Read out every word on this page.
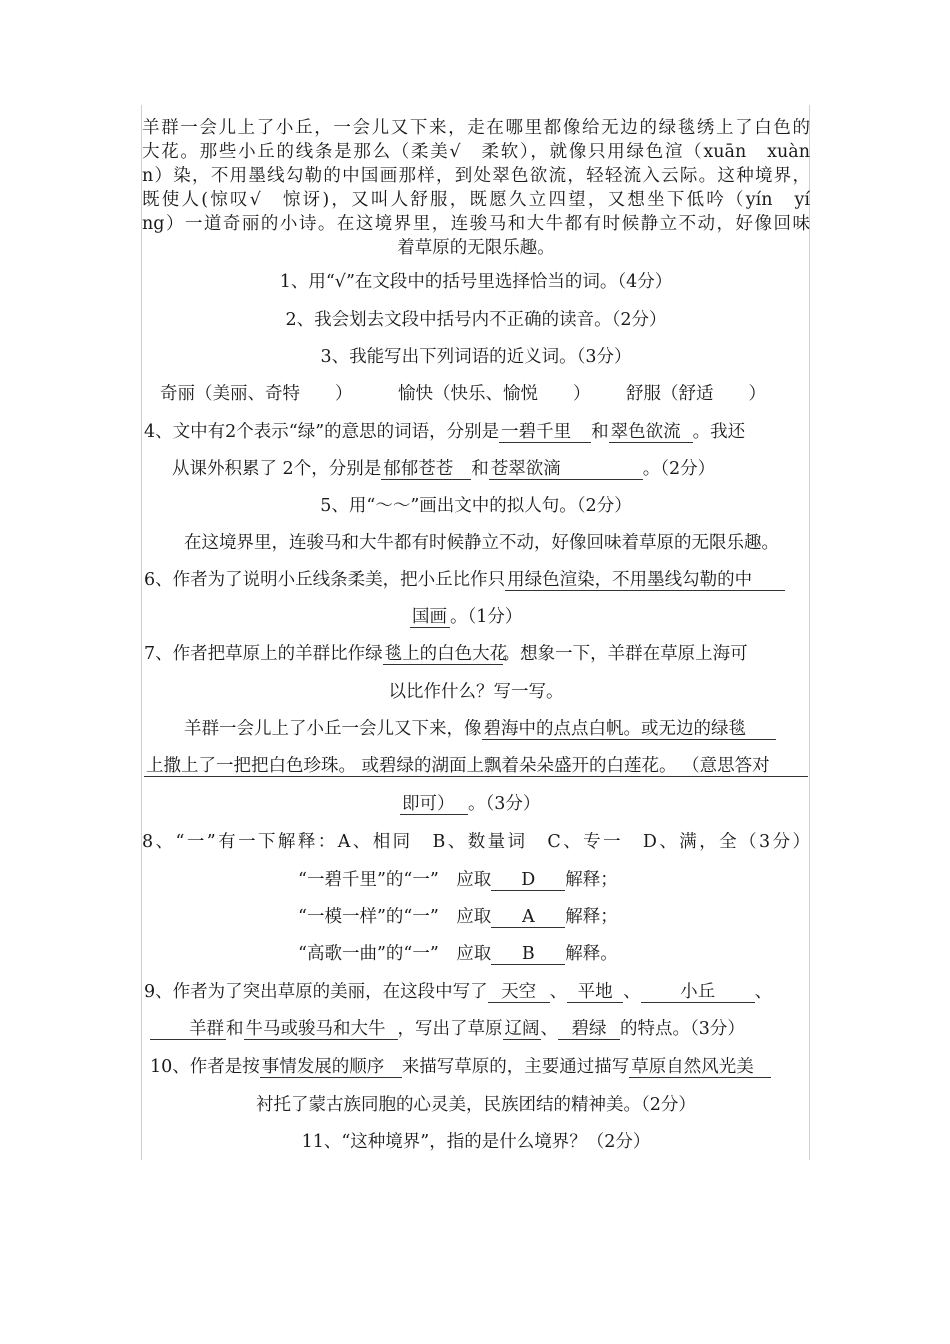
羊群一会儿上了小丘，一会儿又下来，走在哪里都像给无边的绿毯绣上了白色的
大花。那些小丘的线条是那么（柔美√　柔软），就像只用绿色渲（xuān　xuàn
n）染，不用墨线勾勒的中国画那样，到处翠色欲流，轻轻流入云际。这种境界，
既使人(惊叹√　惊讶)，又叫人舒服，既愿久立四望，又想坐下低吟（yín　yí
ng）一道奇丽的小诗。在这境界里，连骏马和大牛都有时候静立不动，好像回味
着草原的无限乐趣。
1、用“√”在文段中的括号里选择恰当的词。（4分）
2、我会划去文段中括号内不正确的读音。（2分）
3、我能写出下列词语的近义词。（3分）
奇丽（美丽、奇特　　）	愉快（快乐、愉悦　　） 舒服（舒适　　）
4、文中有2个表示“绿”的意思的词语，分别是 一碧千里 和 翠色欲流 。我还
从课外积累了 2个，分别是 郁郁苍苍 和 苍翠欲滴	。（2分）
5、用“～～”画出文中的拟人句。（2分）
在这境界里，连骏马和大牛都有时候静立不动，好像回味着草原的无限乐趣。
6、作者为了说明小丘线条柔美，把小丘比作只 用绿色渲染，不用墨线勾勒的中
国画 。（1分）
7、作者把草原上的羊群比作绿 毯上的白色大花。想象一下，羊群在草原上海可
以比作什么？写一写。
羊群一会儿上了小丘一会儿又下来，像 碧海中的点点白帆。或无边的绿毯
上撒上了一把把白色珍珠。 或碧绿的湖面上飘着朵朵盛开的白莲花。 （意思答对
即可） 。（3分）
8、“一”有一下解释：A、相同　B、数量词　C、专一　D、满，全（3分）
“一碧千里”的“一”　应取 D 解释；
“一模一样”的“一”　应取 A 解释；
“高歌一曲”的“一”　应取 B 解释。
9、作者为了突出草原的美丽，在这段中写了 天空 、 平地 、 小丘 、
羊群 和 牛马或骏马和大牛 ，写出了草原 辽阔、 碧绿 的特点。（3分）
10、作者是按 事情发展的顺序 来描写草原的，主要通过描写 草原自然风光美
衬托了蒙古族同胞的心灵美，民族团结的精神美。（2分）
11、“这种境界”，指的是什么境界？（2分）
